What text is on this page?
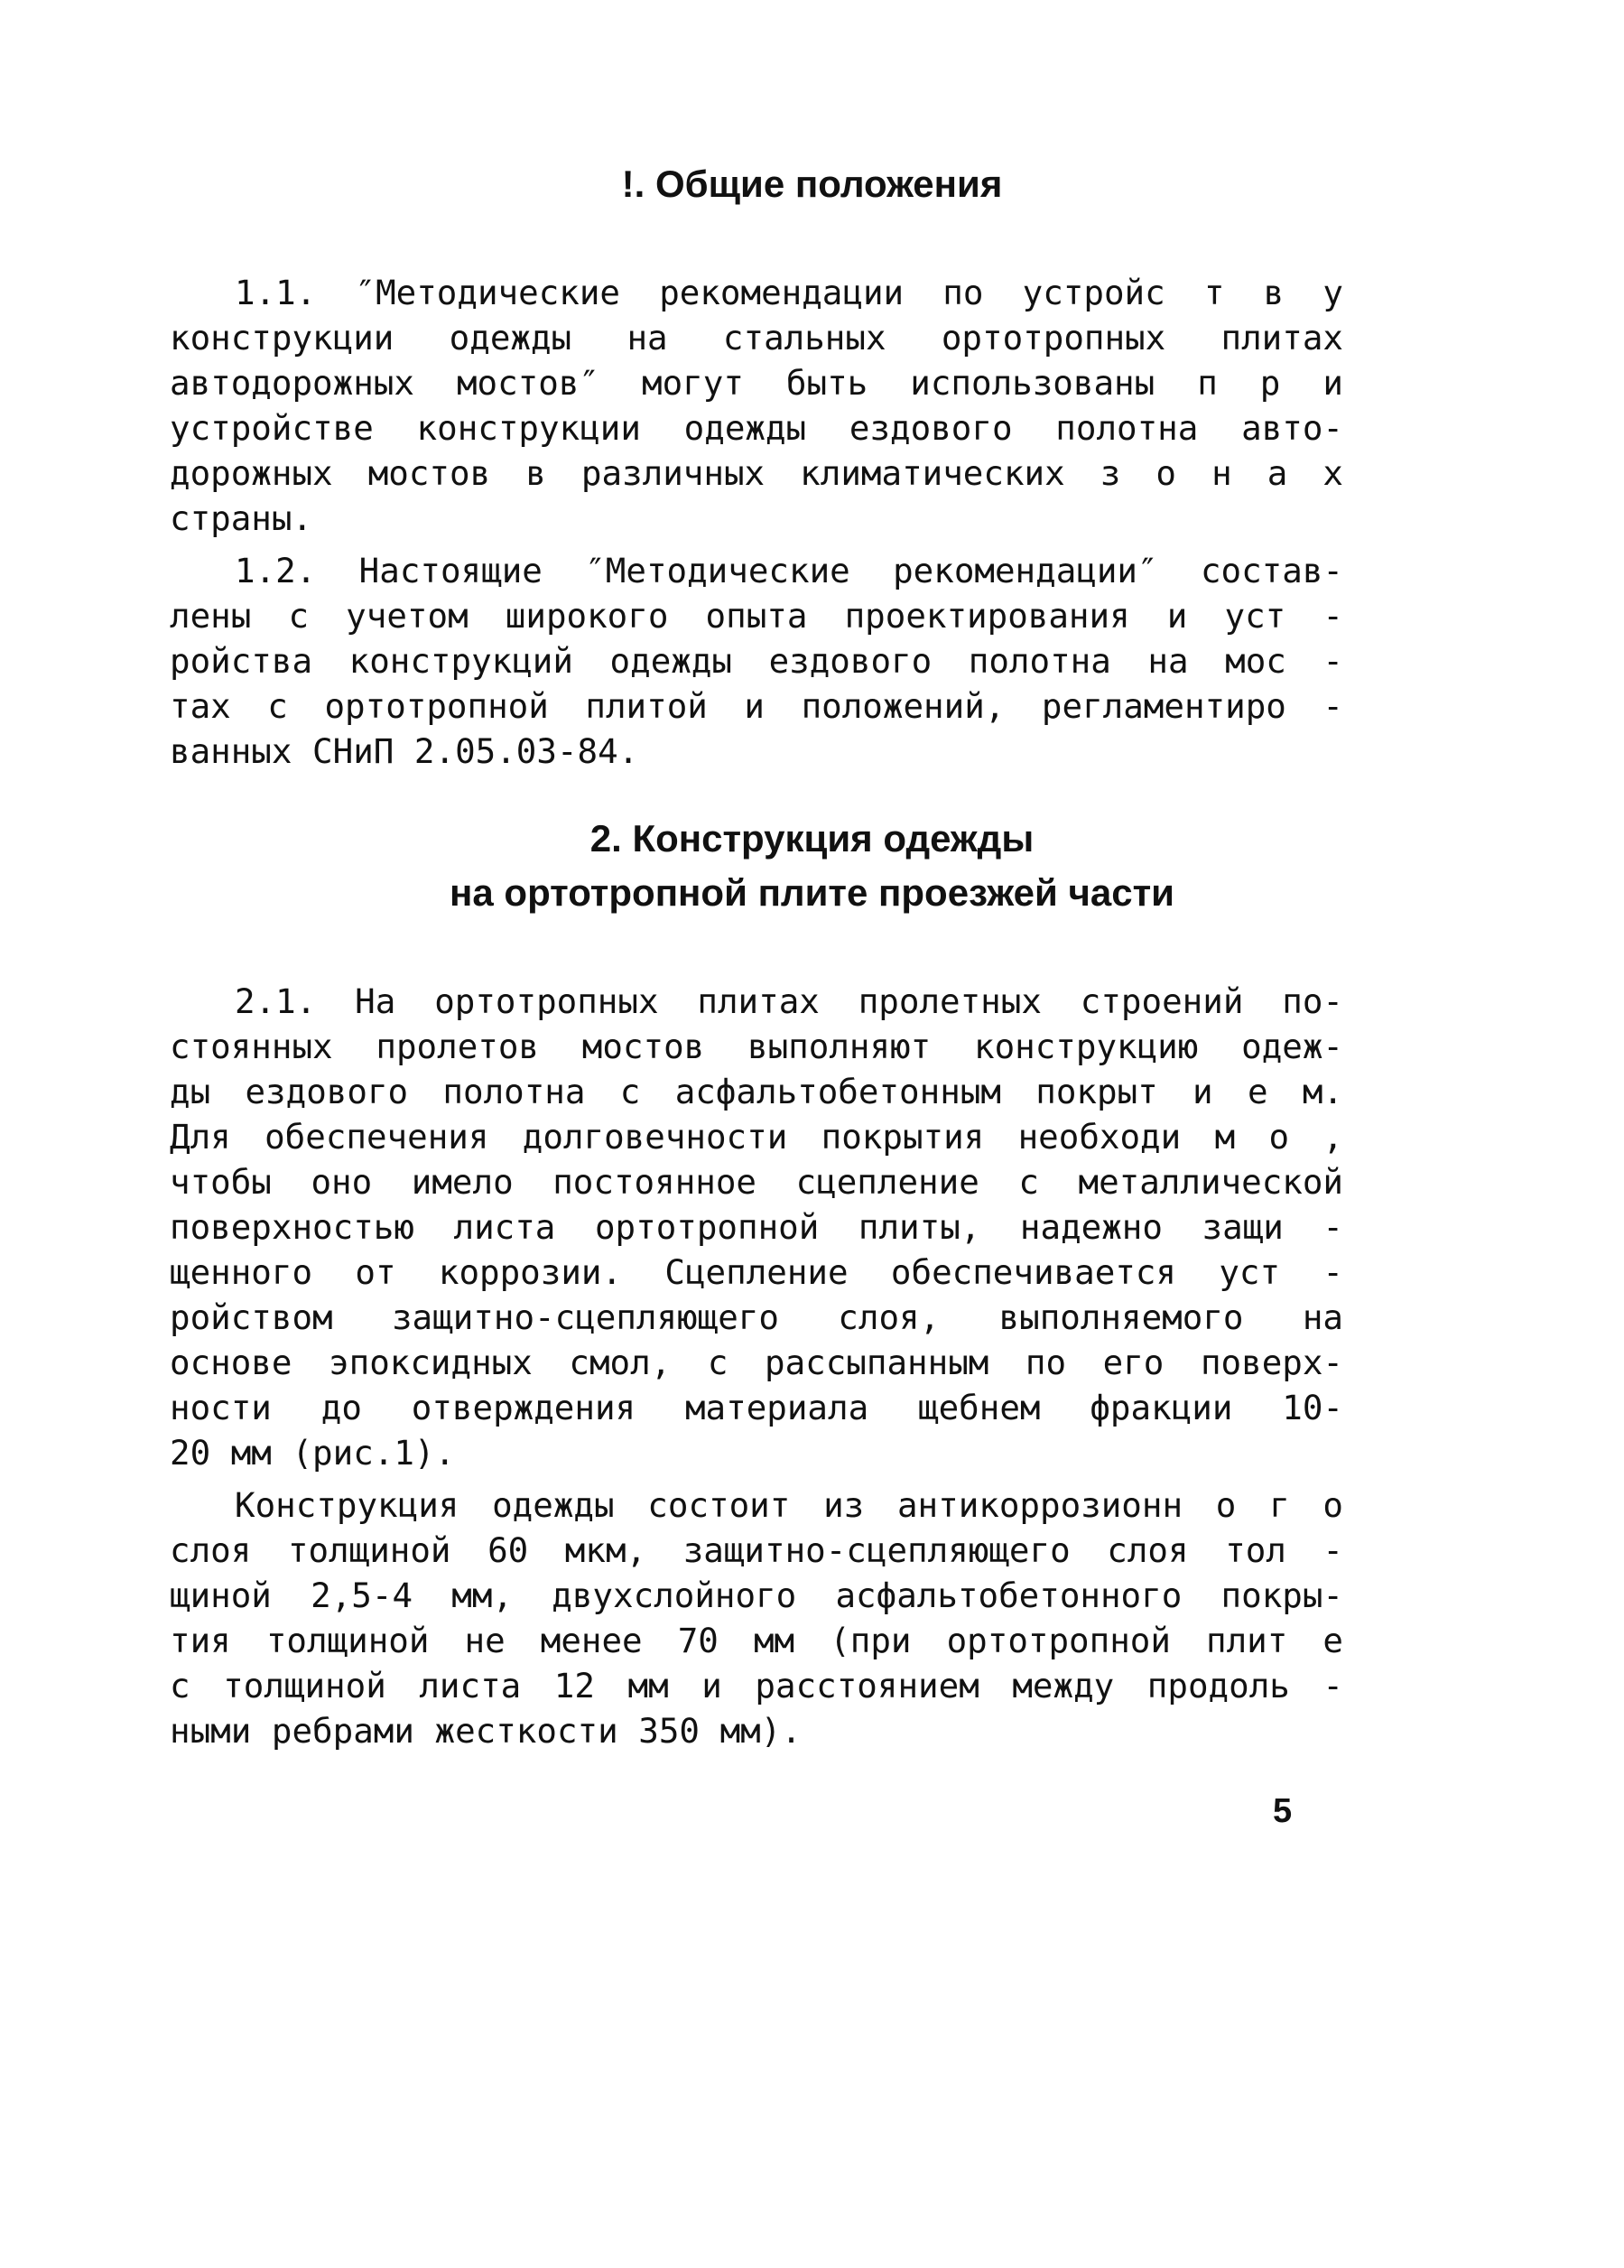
!. Общие положения
1.1. ″Методические рекомендации по устройс т в у
конструкции одежды на стальных ортотропных плитах
автодорожных мостов″ могут быть использованы п р и
устройстве конструкции одежды ездового полотна авто-
дорожных мостов в различных климатических з о н а х
страны.
1.2. Настоящие ″Методические рекомендации″ состав-
лены с учетом широкого опыта проектирования и уст -
ройства конструкций одежды ездового полотна на мос -
тах с ортотропной плитой и положений, регламентиро -
ванных СНиП 2.05.03-84.
2. Конструкция одежды
на ортотропной плите проезжей части
2.1. На ортотропных плитах пролетных строений по-
стоянных пролетов мостов выполняют конструкцию одеж-
ды ездового полотна с асфальтобетонным покрыт и е м.
Для обеспечения долговечности покрытия необходи м о ,
чтобы оно имело постоянное сцепление с металлической
поверхностью листа ортотропной плиты, надежно защи -
щенного от коррозии. Сцепление обеспечивается уст -
ройством защитно-сцепляющего слоя, выполняемого на
основе эпоксидных смол, с рассыпанным по его поверх-
ности до отверждения материала щебнем фракции 10-
20 мм (рис.1).
Конструкция одежды состоит из антикоррозионн о г о
слоя толщиной 60 мкм, защитно-сцепляющего слоя тол -
щиной 2,5-4 мм, двухслойного асфальтобетонного покры-
тия толщиной не менее 70 мм (при ортотропной плит е
с толщиной листа 12 мм и расстоянием между продоль -
ными ребрами жесткости 350 мм).
5
